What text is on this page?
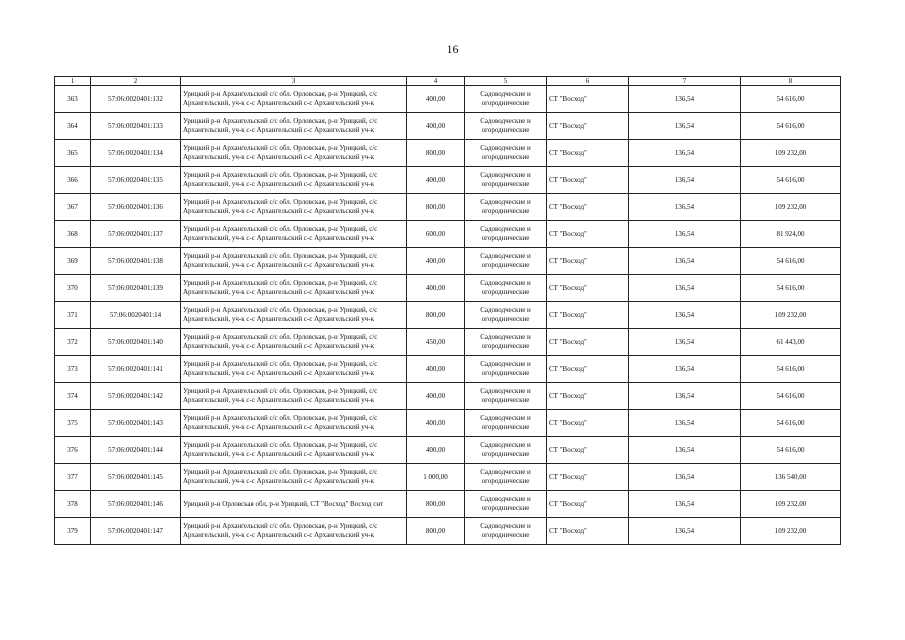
16
1	2	3	4	5	6	7	8
363	57:06:0020401:132	Урицкий р-н Архангельский с/с обл. Орловская, р-н Урицкий, с/с Архангельский, уч-к с-с Архангельский с-с Архангельский уч-к	400,00	Садоводческие и огороднические	СТ "Восход"	136,54	54 616,00
364	57:06:0020401:133	Урицкий р-н Архангельский с/с обл. Орловская, р-н Урицкий, с/с Архангельский, уч-к с-с Архангельский с-с Архангельский уч-к	400,00	Садоводческие и огороднические	СТ "Восход"	136,54	54 616,00
365	57:06:0020401:134	Урицкий р-н Архангельский с/с обл. Орловская, р-н Урицкий, с/с Архангельский, уч-к с-с Архангельский с-с Архангельский уч-к	800,00	Садоводческие и огороднические	СТ "Восход"	136,54	109 232,00
366	57:06:0020401:135	Урицкий р-н Архангельский с/с обл. Орловская, р-н Урицкий, с/с Архангельский, уч-к с-с Архангельский с-с Архангельский уч-к	400,00	Садоводческие и огороднические	СТ "Восход"	136,54	54 616,00
367	57:06:0020401:136	Урицкий р-н Архангельский с/с обл. Орловская, р-н Урицкий, с/с Архангельский, уч-к с-с Архангельский с-с Архангельский уч-к	800,00	Садоводческие и огороднические	СТ "Восход"	136,54	109 232,00
368	57:06:0020401:137	Урицкий р-н Архангельский с/с обл. Орловская, р-н Урицкий, с/с Архангельский, уч-к с-с Архангельский с-с Архангельский уч-к	600,00	Садоводческие и огороднические	СТ "Восход"	136,54	81 924,00
369	57:06:0020401:138	Урицкий р-н Архангельский с/с обл. Орловская, р-н Урицкий, с/с Архангельский, уч-к с-с Архангельский с-с Архангельский уч-к	400,00	Садоводческие и огороднические	СТ "Восход"	136,54	54 616,00
370	57:06:0020401:139	Урицкий р-н Архангельский с/с обл. Орловская, р-н Урицкий, с/с Архангельский, уч-к с-с Архангельский с-с Архангельский уч-к	400,00	Садоводческие и огороднические	СТ "Восход"	136,54	54 616,00
371	57:06:0020401:14	Урицкий р-н Архангельский с/с обл. Орловская, р-н Урицкий, с/с Архангельский, уч-к с-с Архангельский с-с Архангельский уч-к	800,00	Садоводческие и огороднические	СТ "Восход"	136,54	109 232,00
372	57:06:0020401:140	Урицкий р-н Архангельский с/с обл. Орловская, р-н Урицкий, с/с Архангельский, уч-к с-с Архангельский с-с Архангельский уч-к	450,00	Садоводческие и огороднические	СТ "Восход"	136,54	61 443,00
373	57:06:0020401:141	Урицкий р-н Архангельский с/с обл. Орловская, р-н Урицкий, с/с Архангельский, уч-к с-с Архангельский с-с Архангельский уч-к	400,00	Садоводческие и огороднические	СТ "Восход"	136,54	54 616,00
374	57:06:0020401:142	Урицкий р-н Архангельский с/с обл. Орловская, р-н Урицкий, с/с Архангельский, уч-к с-с Архангельский с-с Архангельский уч-к	400,00	Садоводческие и огороднические	СТ "Восход"	136,54	54 616,00
375	57:06:0020401:143	Урицкий р-н Архангельский с/с обл. Орловская, р-н Урицкий, с/с Архангельский, уч-к с-с Архангельский с-с Архангельский уч-к	400,00	Садоводческие и огороднические	СТ "Восход"	136,54	54 616,00
376	57:06:0020401:144	Урицкий р-н Архангельский с/с обл. Орловская, р-н Урицкий, с/с Архангельский, уч-к с-с Архангельский с-с Архангельский уч-к	400,00	Садоводческие и огороднические	СТ "Восход"	136,54	54 616,00
377	57:06:0020401:145	Урицкий р-н Архангельский с/с обл. Орловская, р-н Урицкий, с/с Архангельский, уч-к с-с Архангельский с-с Архангельский уч-к	1 000,00	Садоводческие и огороднические	СТ "Восход"	136,54	136 540,00
378	57:06:0020401:146	Урицкий р-н Орловская обл, р-н Урицкий, СТ "Восход" Восход снт	800,00	Садоводческие и огороднические	СТ "Восход"	136,54	109 232,00
379	57:06:0020401:147	Урицкий р-н Архангельский с/с обл. Орловская, р-н Урицкий, с/с Архангельский, уч-к с-с Архангельский с-с Архангельский уч-к	800,00	Садоводческие и огороднические	СТ "Восход"	136,54	109 232,00
